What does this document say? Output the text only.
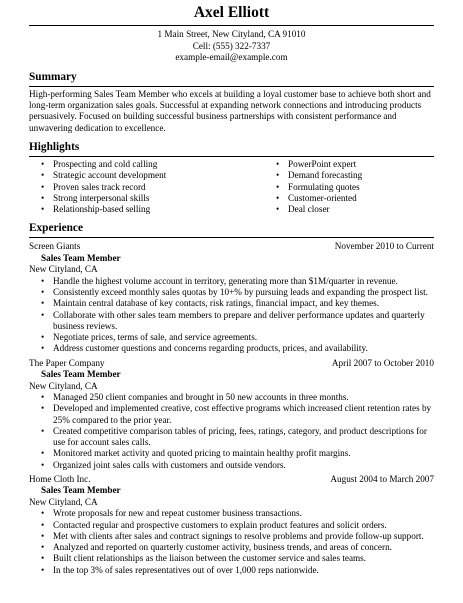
Axel Elliott
1 Main Street, New Cityland, CA 91010
Cell: (555) 322-7337
example-email@example.com
Summary
High-performing Sales Team Member who excels at building a loyal customer base to achieve both short and long-term organization sales goals. Successful at expanding network connections and introducing products persuasively. Focused on building successful business partnerships with consistent performance and unwavering dedication to excellence.
Highlights
• Prospecting and cold calling
• Strategic account development
• Proven sales track record
• Strong interpersonal skills
• Relationship-based selling
• PowerPoint expert
• Demand forecasting
• Formulating quotes
• Customer-oriented
• Deal closer
Experience
Screen Giants	November 2010 to Current
Sales Team Member
New Cityland, CA
• Handle the highest volume account in territory, generating more than $1M/quarter in revenue.
• Consistently exceed monthly sales quotas by 10+% by pursuing leads and expanding the prospect list.
• Maintain central database of key contacts, risk ratings, financial impact, and key themes.
• Collaborate with other sales team members to prepare and deliver performance updates and quarterly business reviews.
• Negotiate prices, terms of sale, and service agreements.
• Address customer questions and concerns regarding products, prices, and availability.
The Paper Company	April 2007 to October 2010
Sales Team Member
New Cityland, CA
• Managed 250 client companies and brought in 50 new accounts in three months.
• Developed and implemented creative, cost effective programs which increased client retention rates by 25% compared to the prior year.
• Created competitive comparison tables of pricing, fees, ratings, category, and product descriptions for use for account sales calls.
• Monitored market activity and quoted pricing to maintain healthy profit margins.
• Organized joint sales calls with customers and outside vendors.
Home Cloth Inc.	August 2004 to March 2007
Sales Team Member
New Cityland, CA
• Wrote proposals for new and repeat customer business transactions.
• Contacted regular and prospective customers to explain product features and solicit orders.
• Met with clients after sales and contract signings to resolve problems and provide follow-up support.
• Analyzed and reported on quarterly customer activity, business trends, and areas of concern.
• Built client relationships as the liaison between the customer service and sales teams.
• In the top 3% of sales representatives out of over 1,000 reps nationwide.
